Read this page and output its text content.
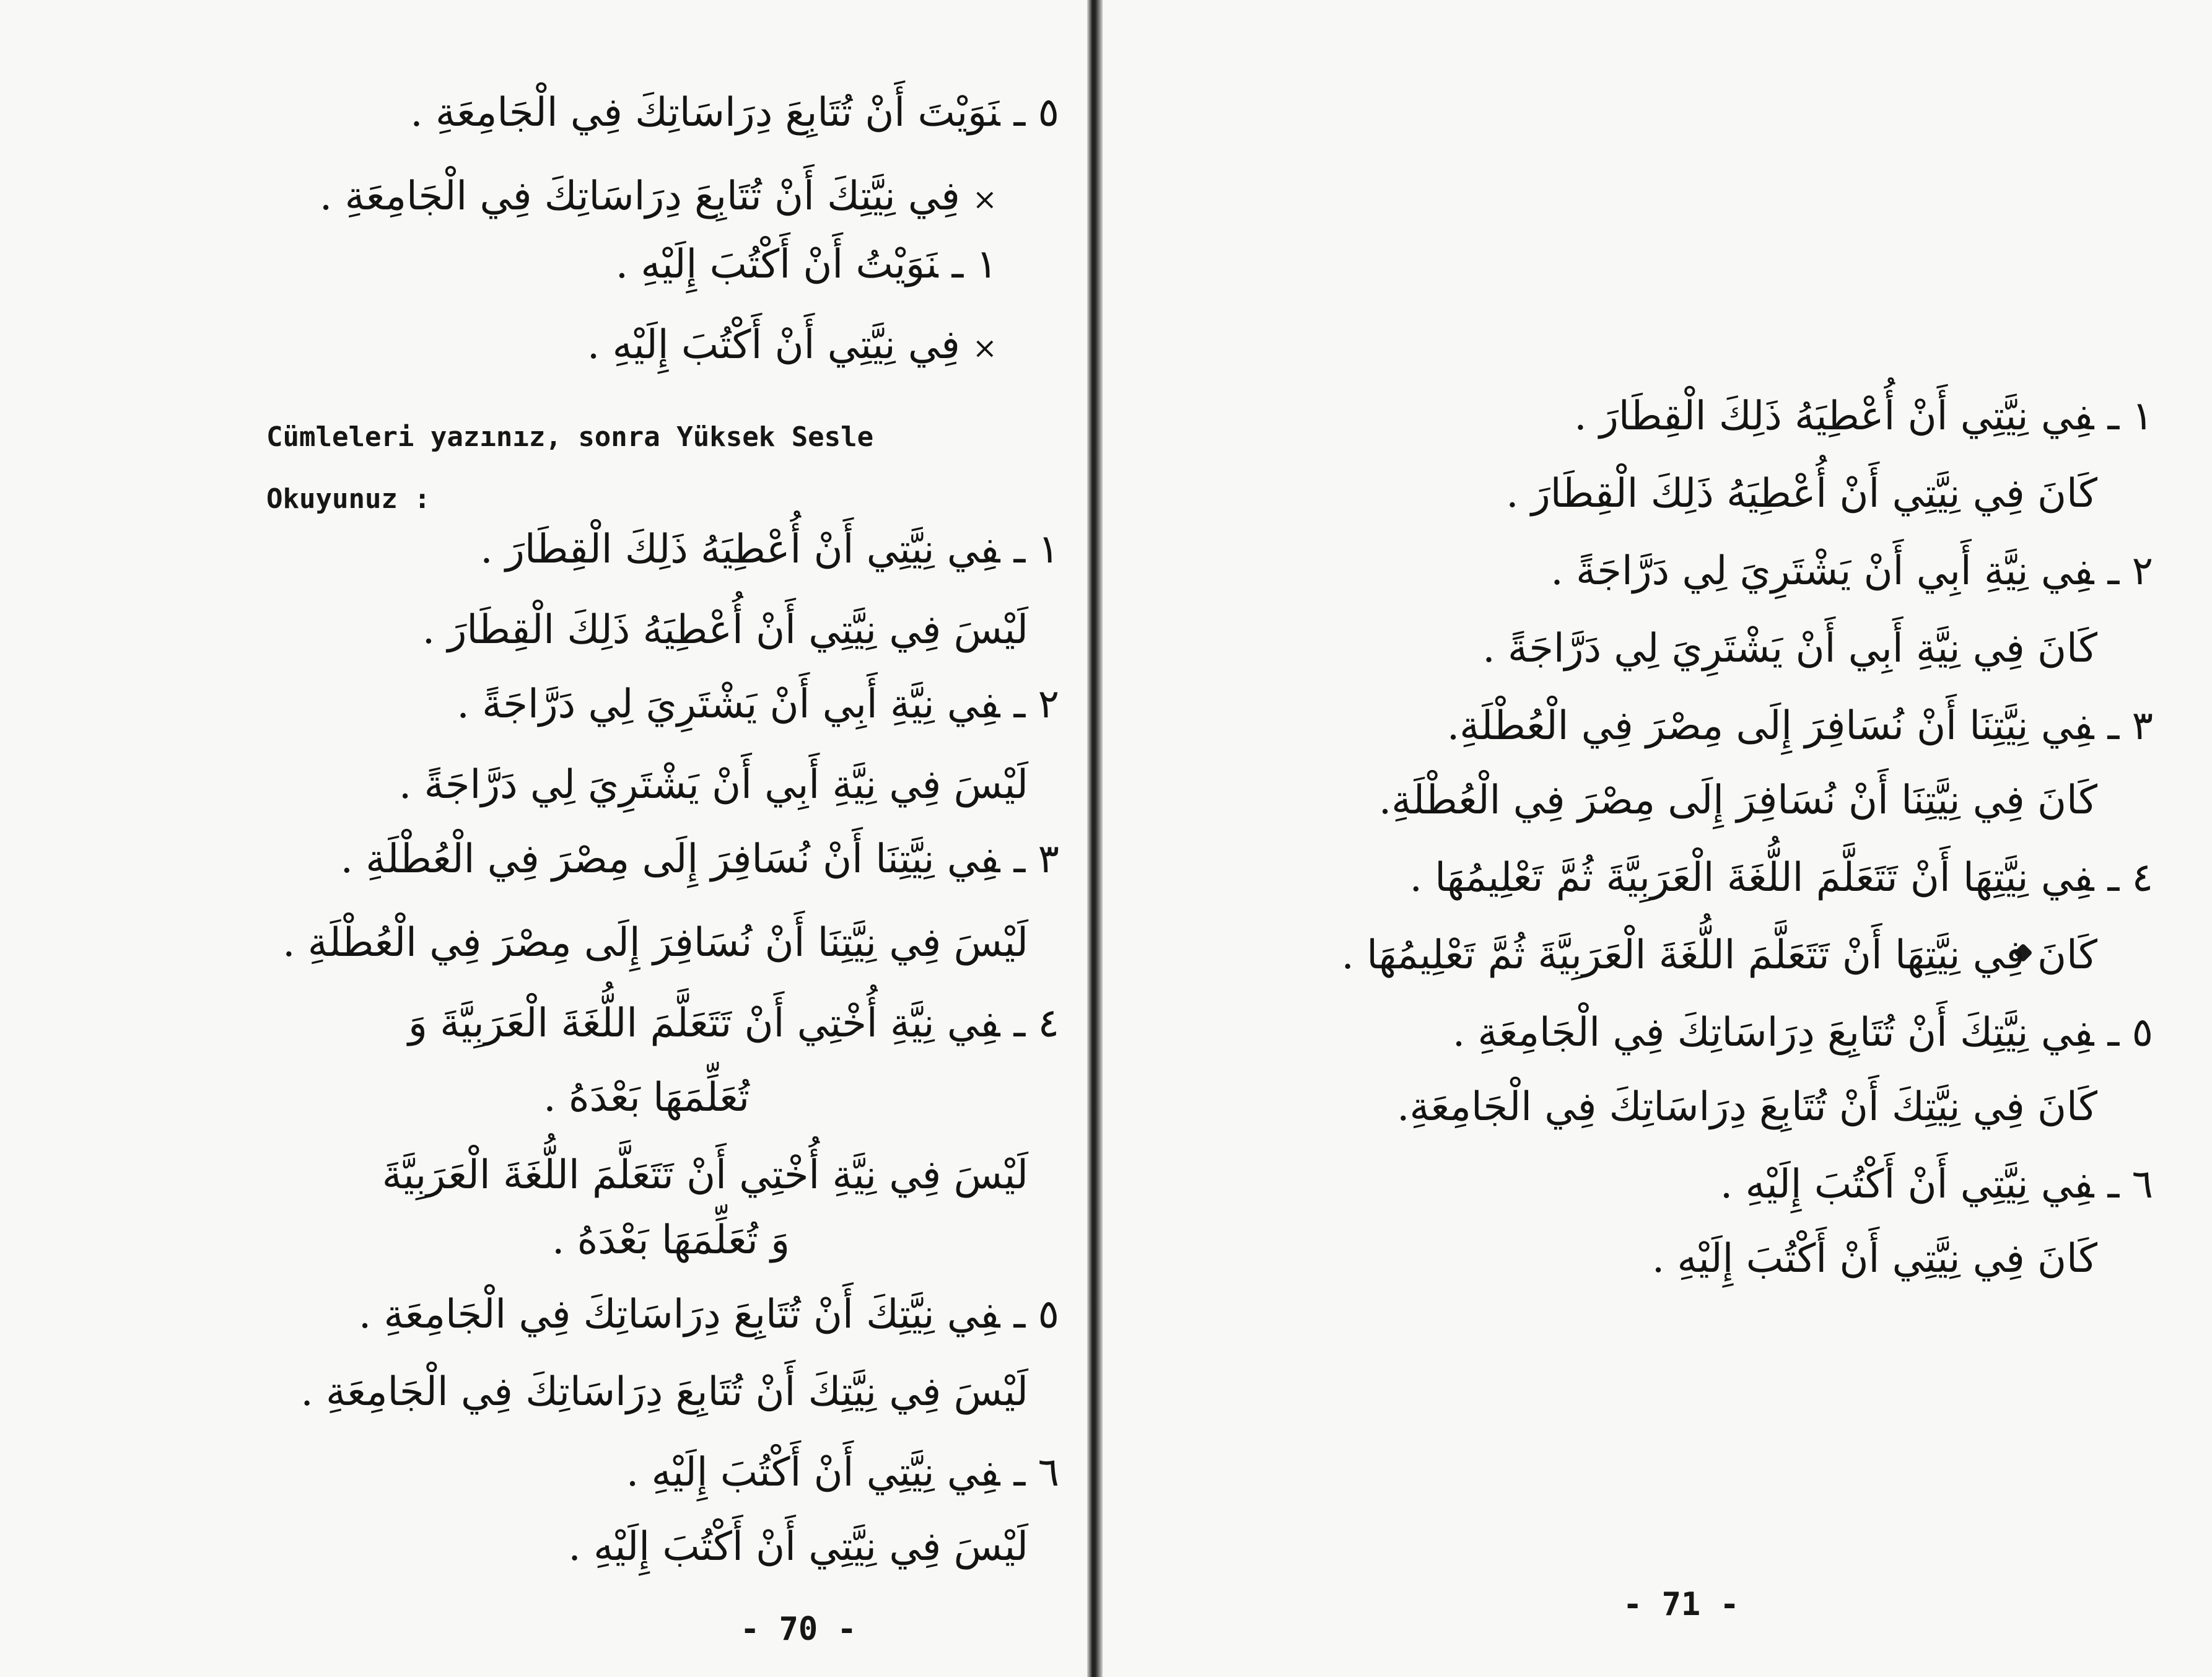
٥ ـنَوَيْتَ أَنْ تُتَابِعَ دِرَاسَاتِكَ فِي الْجَامِعَةِ .
×فِي نِيَّتِكَ أَنْ تُتَابِعَ دِرَاسَاتِكَ فِي الْجَامِعَةِ .
١ ـنَوَيْتُ أَنْ أَكْتُبَ إِلَيْهِ .
×فِي نِيَّتِي أَنْ أَكْتُبَ إِلَيْهِ .
Cümleleri yazınız, sonra Yüksek Sesle
Okuyunuz :
١ ـفِي نِيَّتِي أَنْ أُعْطِيَهُ ذَلِكَ الْقِطَارَ .
لَيْسَ فِي نِيَّتِي أَنْ أُعْطِيَهُ ذَلِكَ الْقِطَارَ .
٢ ـفِي نِيَّةِ أَبِي أَنْ يَشْتَرِيَ لِي دَرَّاجَةً .
لَيْسَ فِي نِيَّةِ أَبِي أَنْ يَشْتَرِيَ لِي دَرَّاجَةً .
٣ ـفِي نِيَّتِنَا أَنْ نُسَافِرَ إِلَى مِصْرَ فِي الْعُطْلَةِ .
لَيْسَ فِي نِيَّتِنَا أَنْ نُسَافِرَ إِلَى مِصْرَ فِي الْعُطْلَةِ .
٤ ـفِي نِيَّةِ أُخْتِي أَنْ تَتَعَلَّمَ اللُّغَةَ الْعَرَبِيَّةَ وَ
تُعَلِّمَهَا بَعْدَهُ .
لَيْسَ فِي نِيَّةِ أُخْتِي أَنْ تَتَعَلَّمَ اللُّغَةَ الْعَرَبِيَّةَ
وَ تُعَلِّمَهَا بَعْدَهُ .
٥ ـفِي نِيَّتِكَ أَنْ تُتَابِعَ دِرَاسَاتِكَ فِي الْجَامِعَةِ .
لَيْسَ فِي نِيَّتِكَ أَنْ تُتَابِعَ دِرَاسَاتِكَ فِي الْجَامِعَةِ .
٦ ـفِي نِيَّتِي أَنْ أَكْتُبَ إِلَيْهِ .
لَيْسَ فِي نِيَّتِي أَنْ أَكْتُبَ إِلَيْهِ .
- 70 -
١ ـفِي نِيَّتِي أَنْ أُعْطِيَهُ ذَلِكَ الْقِطَارَ .
كَانَ فِي نِيَّتِي أَنْ أُعْطِيَهُ ذَلِكَ الْقِطَارَ .
٢ ـفِي نِيَّةِ أَبِي أَنْ يَشْتَرِيَ لِي دَرَّاجَةً .
كَانَ فِي نِيَّةِ أَبِي أَنْ يَشْتَرِيَ لِي دَرَّاجَةً .
٣ ـفِي نِيَّتِنَا أَنْ نُسَافِرَ إِلَى مِصْرَ فِي الْعُطْلَةِ.
كَانَ فِي نِيَّتِنَا أَنْ نُسَافِرَ إِلَى مِصْرَ فِي الْعُطْلَةِ.
٤ ـفِي نِيَّتِهَا أَنْ تَتَعَلَّمَ اللُّغَةَ الْعَرَبِيَّةَ ثُمَّ تَعْلِيمُهَا .
كَانَ فِي نِيَّتِهَا أَنْ تَتَعَلَّمَ اللُّغَةَ الْعَرَبِيَّةَ ثُمَّ تَعْلِيمُهَا .
٥ ـفِي نِيَّتِكَ أَنْ تُتَابِعَ دِرَاسَاتِكَ فِي الْجَامِعَةِ .
كَانَ فِي نِيَّتِكَ أَنْ تُتَابِعَ دِرَاسَاتِكَ فِي الْجَامِعَةِ.
٦ ـفِي نِيَّتِي أَنْ أَكْتُبَ إِلَيْهِ .
كَانَ فِي نِيَّتِي أَنْ أَكْتُبَ إِلَيْهِ .
- 71 -
